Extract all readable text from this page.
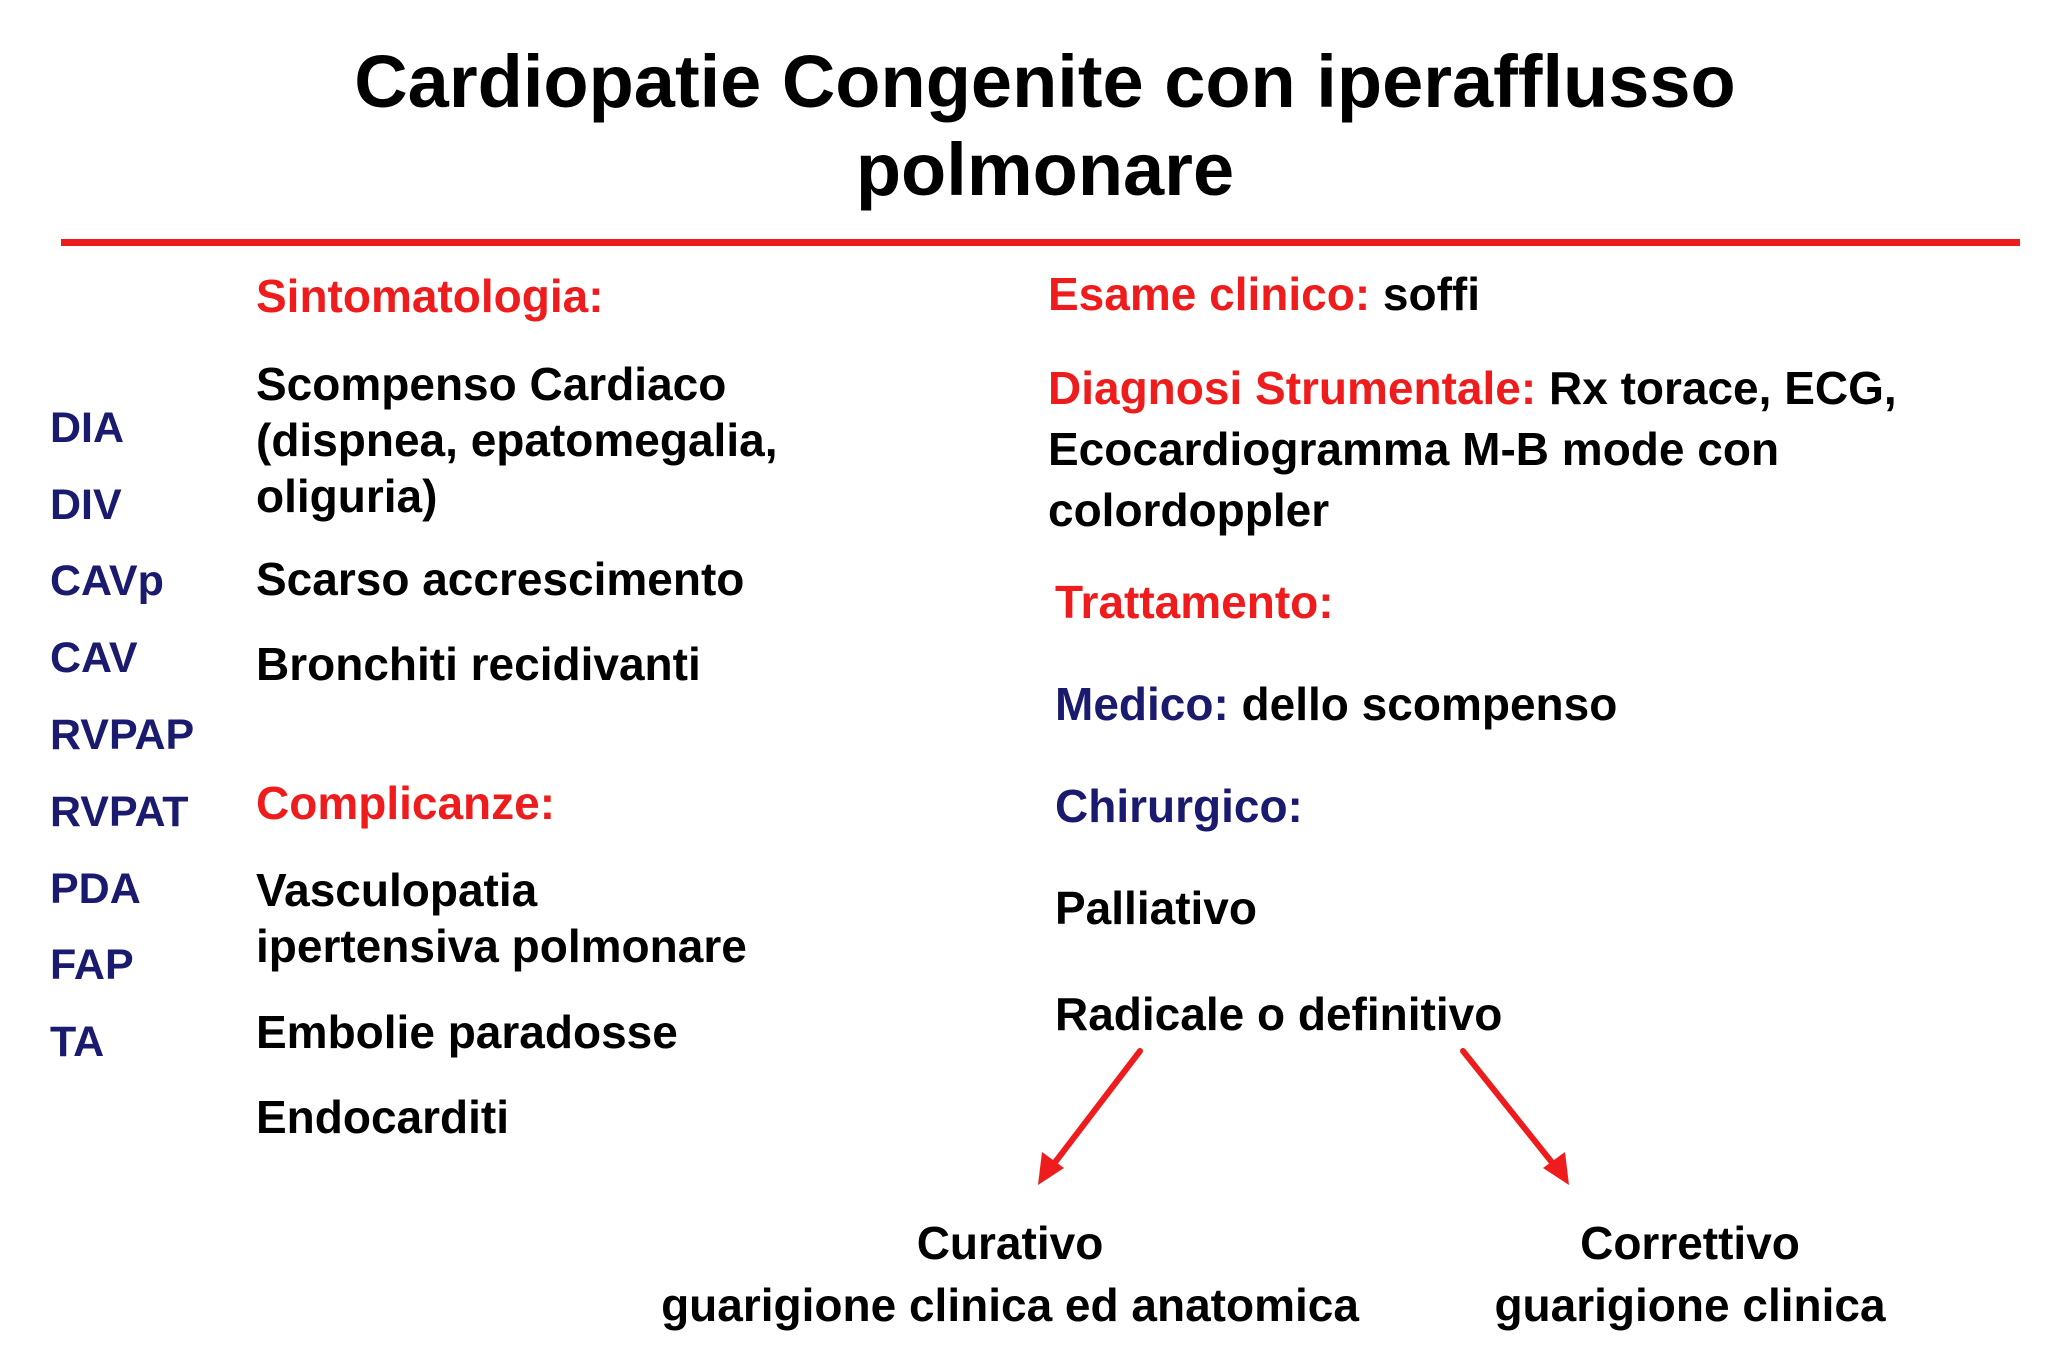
Cardiopatie Congenite con iperafflusso
polmonare
DIA
DIV
CAVp
CAV
RVPAP
RVPAT
PDA
FAP
TA
Sintomatologia:
Scompenso Cardiaco
(dispnea, epatomegalia,
oliguria)
Scarso accrescimento
Bronchiti recidivanti
Complicanze:
Vasculopatia
ipertensiva polmonare
Embolie paradosse
Endocarditi
Esame clinico: soffi
Diagnosi Strumentale: Rx torace, ECG,
Ecocardiogramma M-B mode con
colordoppler
Trattamento:
Medico: dello scompenso
Chirurgico:
Palliativo
Radicale o definitivo
Curativo
guarigione clinica ed anatomica
Correttivo
guarigione clinica
